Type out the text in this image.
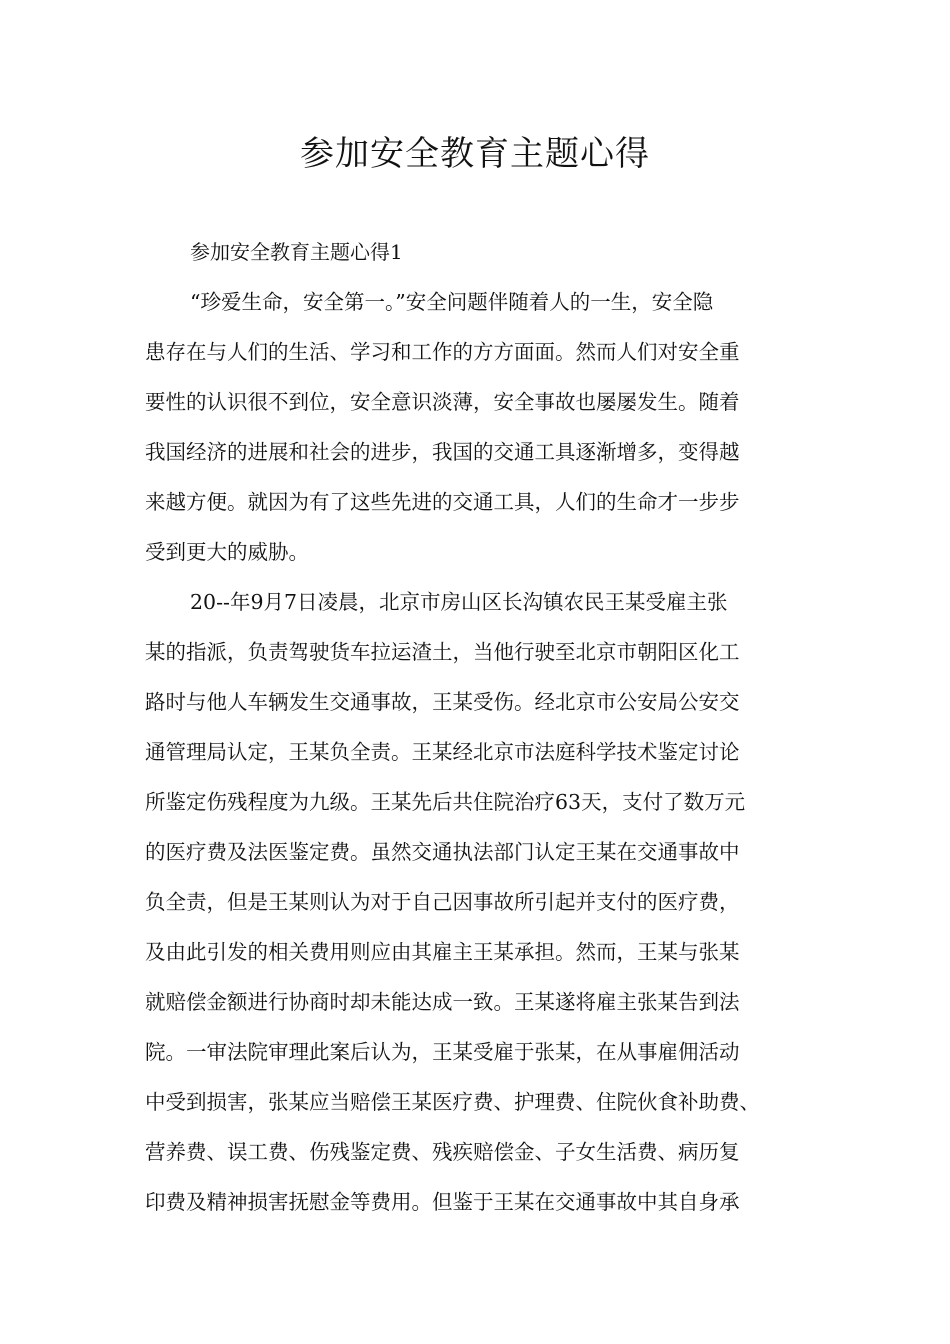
参加安全教育主题心得
参加安全教育主题心得1
“珍爱生命，安全第一。”安全问题伴随着人的一生，安全隐
患存在与人们的生活、学习和工作的方方面面。然而人们对安全重
要性的认识很不到位，安全意识淡薄，安全事故也屡屡发生。随着
我国经济的进展和社会的进步，我国的交通工具逐渐增多，变得越
来越方便。就因为有了这些先进的交通工具，人们的生命才一步步
受到更大的威胁。
20--年9月7日凌晨，北京市房山区长沟镇农民王某受雇主张
某的指派，负责驾驶货车拉运渣土，当他行驶至北京市朝阳区化工
路时与他人车辆发生交通事故，王某受伤。经北京市公安局公安交
通管理局认定，王某负全责。王某经北京市法庭科学技术鉴定讨论
所鉴定伤残程度为九级。王某先后共住院治疗63天，支付了数万元
的医疗费及法医鉴定费。虽然交通执法部门认定王某在交通事故中
负全责，但是王某则认为对于自己因事故所引起并支付的医疗费，
及由此引发的相关费用则应由其雇主王某承担。然而，王某与张某
就赔偿金额进行协商时却未能达成一致。王某遂将雇主张某告到法
院。一审法院审理此案后认为，王某受雇于张某，在从事雇佣活动
中受到损害，张某应当赔偿王某医疗费、护理费、住院伙食补助费、
营养费、误工费、伤残鉴定费、残疾赔偿金、子女生活费、病历复
印费及精神损害抚慰金等费用。但鉴于王某在交通事故中其自身承
